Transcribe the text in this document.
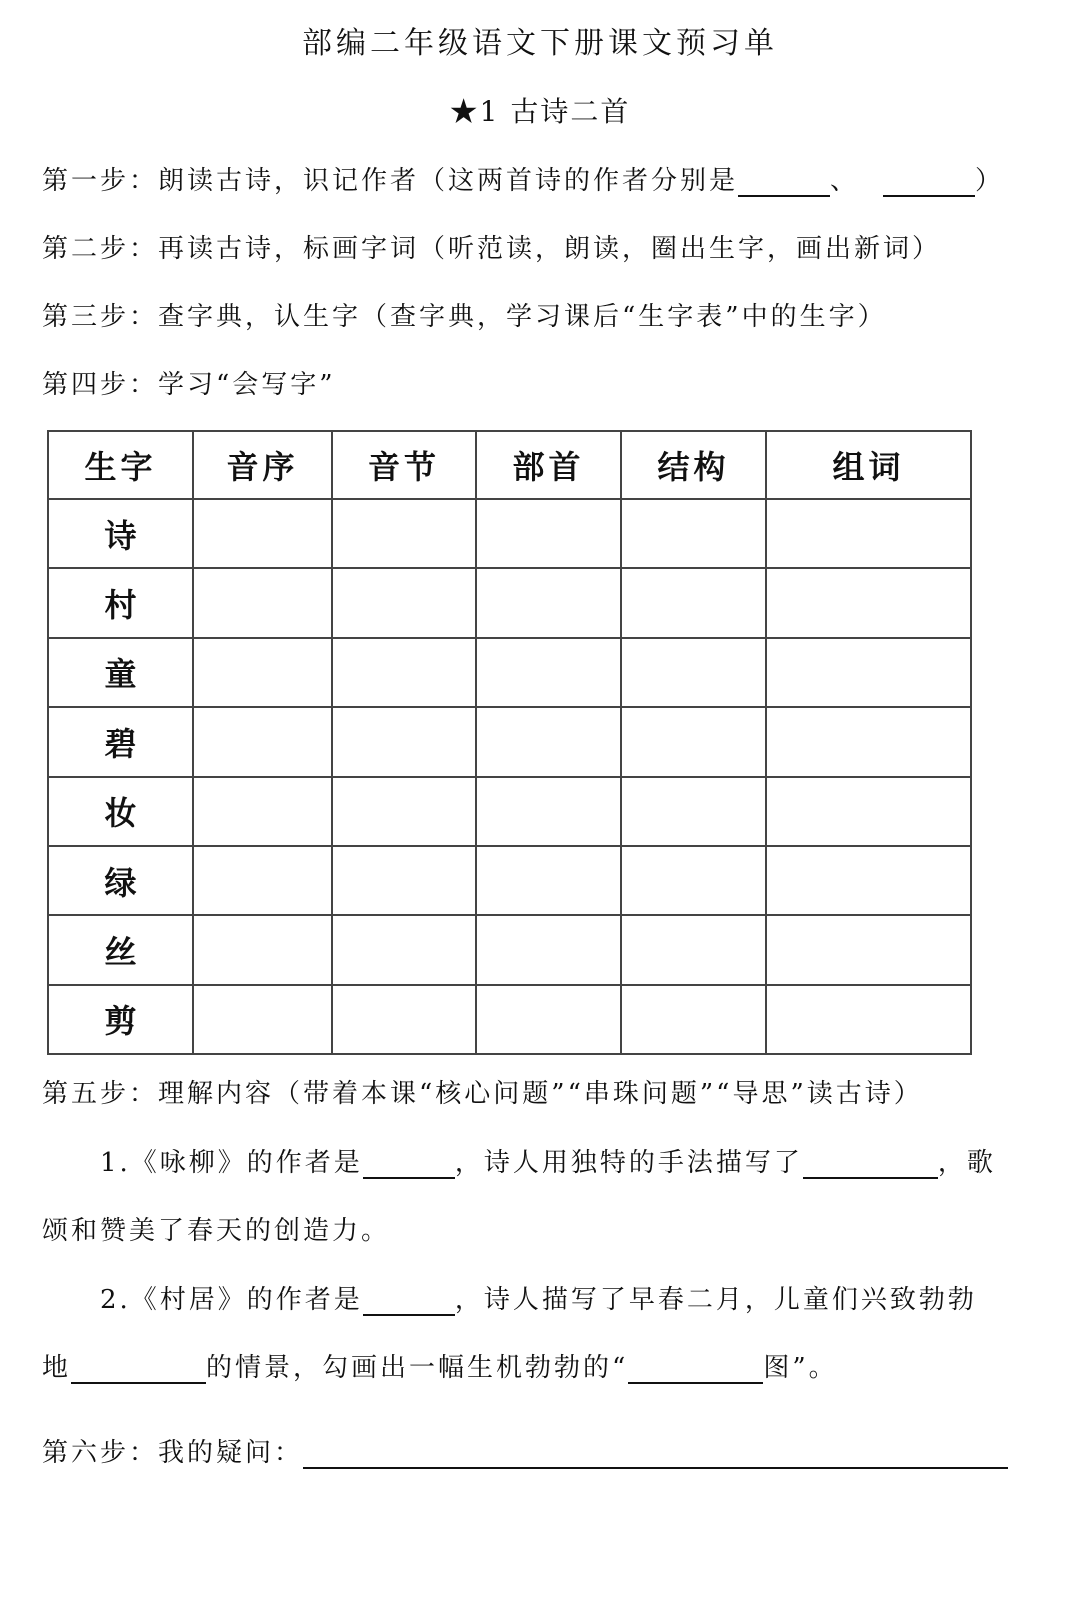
部编二年级语文下册课文预习单
★1 古诗二首
第一步：朗读古诗，识记作者（这两首诗的作者分别是	、	）
第二步：再读古诗，标画字词（听范读，朗读，圈出生字，画出新词）
第三步：查字典，认生字（查字典，学习课后“生字表”中的生字）
第四步：学习“会写字”
生字	音序	音节	部首	结构	组词
诗					
村					
童					
碧					
妆					
绿					
丝					
剪					
第五步：理解内容（带着本课“核心问题”“串珠问题”“导思”读古诗）
1.《咏柳》的作者是	，诗人用独特的手法描写了	，歌
颂和赞美了春天的创造力。
2.《村居》的作者是	，诗人描写了早春二月，儿童们兴致勃勃
地	的情景，勾画出一幅生机勃勃的“	图”。
第六步：我的疑问：
